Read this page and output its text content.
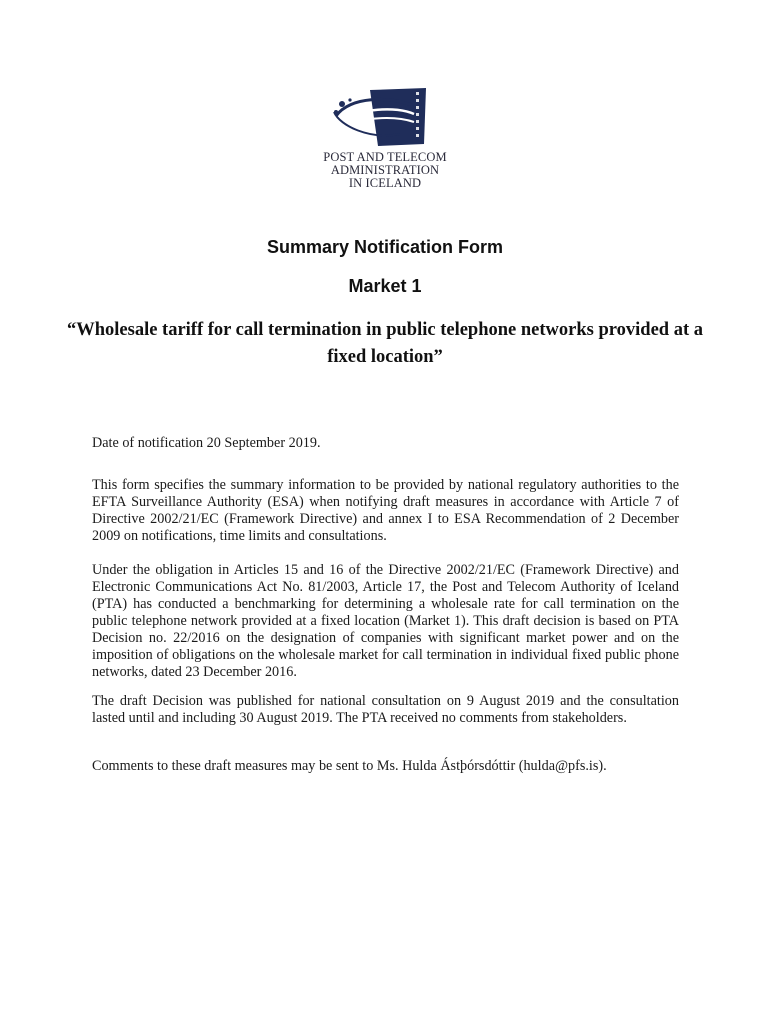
POST AND TELECOM
ADMINISTRATION
IN ICELAND
Summary Notification Form
Market 1
“Wholesale tariff for call termination in public telephone networks provided at a fixed location”

Date of notification 20 September 2019.

This form specifies the summary information to be provided by national regulatory authorities to the EFTA Surveillance Authority (ESA) when notifying draft measures in accordance with Article 7 of Directive 2002/21/EC (Framework Directive) and annex I to ESA Recommendation of 2 December 2009 on notifications, time limits and consultations.

Under the obligation in Articles 15 and 16 of the Directive 2002/21/EC (Framework Directive) and Electronic Communications Act No. 81/2003, Article 17, the Post and Telecom Authority of Iceland (PTA) has conducted a benchmarking for determining a wholesale rate for call termination on the public telephone network provided at a fixed location (Market 1). This draft decision is based on PTA Decision no. 22/2016 on the designation of companies with significant market power and on the imposition of obligations on the wholesale market for call termination in individual fixed public phone networks, dated 23 December 2016.

The draft Decision was published for national consultation on 9 August 2019 and the consultation lasted until and including 30 August 2019. The PTA received no comments from stakeholders.

Comments to these draft measures may be sent to Ms. Hulda Ástþórsdóttir (hulda@pfs.is).
